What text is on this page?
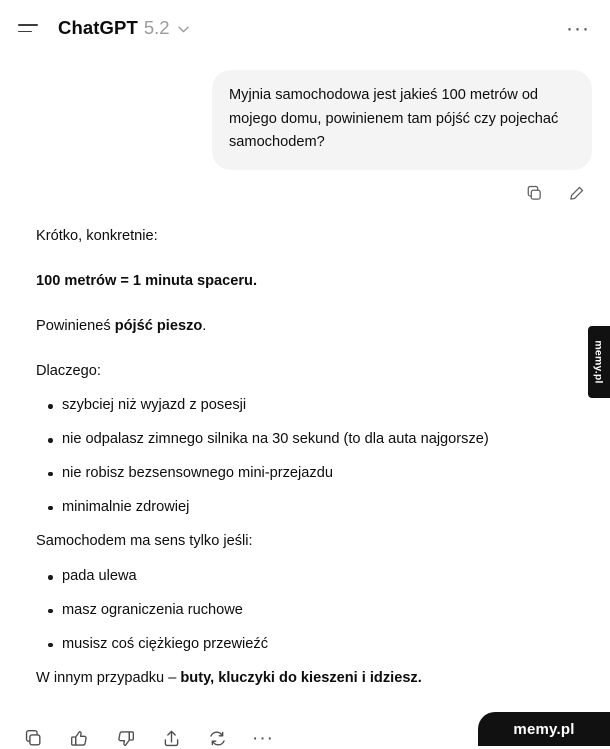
ChatGPT 5.2	···
Myjnia samochodowa jest jakieś 100 metrów od mojego domu, powinienem tam pójść czy pojechać samochodem?

Krótko, konkretnie:

100 metrów = 1 minuta spaceru.

Powinieneś pójść pieszo.

Dlaczego:

szybciej niż wyjazd z posesji
nie odpalasz zimnego silnika na 30 sekund (to dla auta najgorsze)
nie robisz bezsensownego mini-przejazdu
minimalnie zdrowiej

Samochodem ma sens tylko jeśli:

pada ulewa
masz ograniczenia ruchowe
musisz coś ciężkiego przewieźć

W innym przypadku – buty, kluczyki do kieszeni i idziesz.

···
memy.pl
memy.pl
